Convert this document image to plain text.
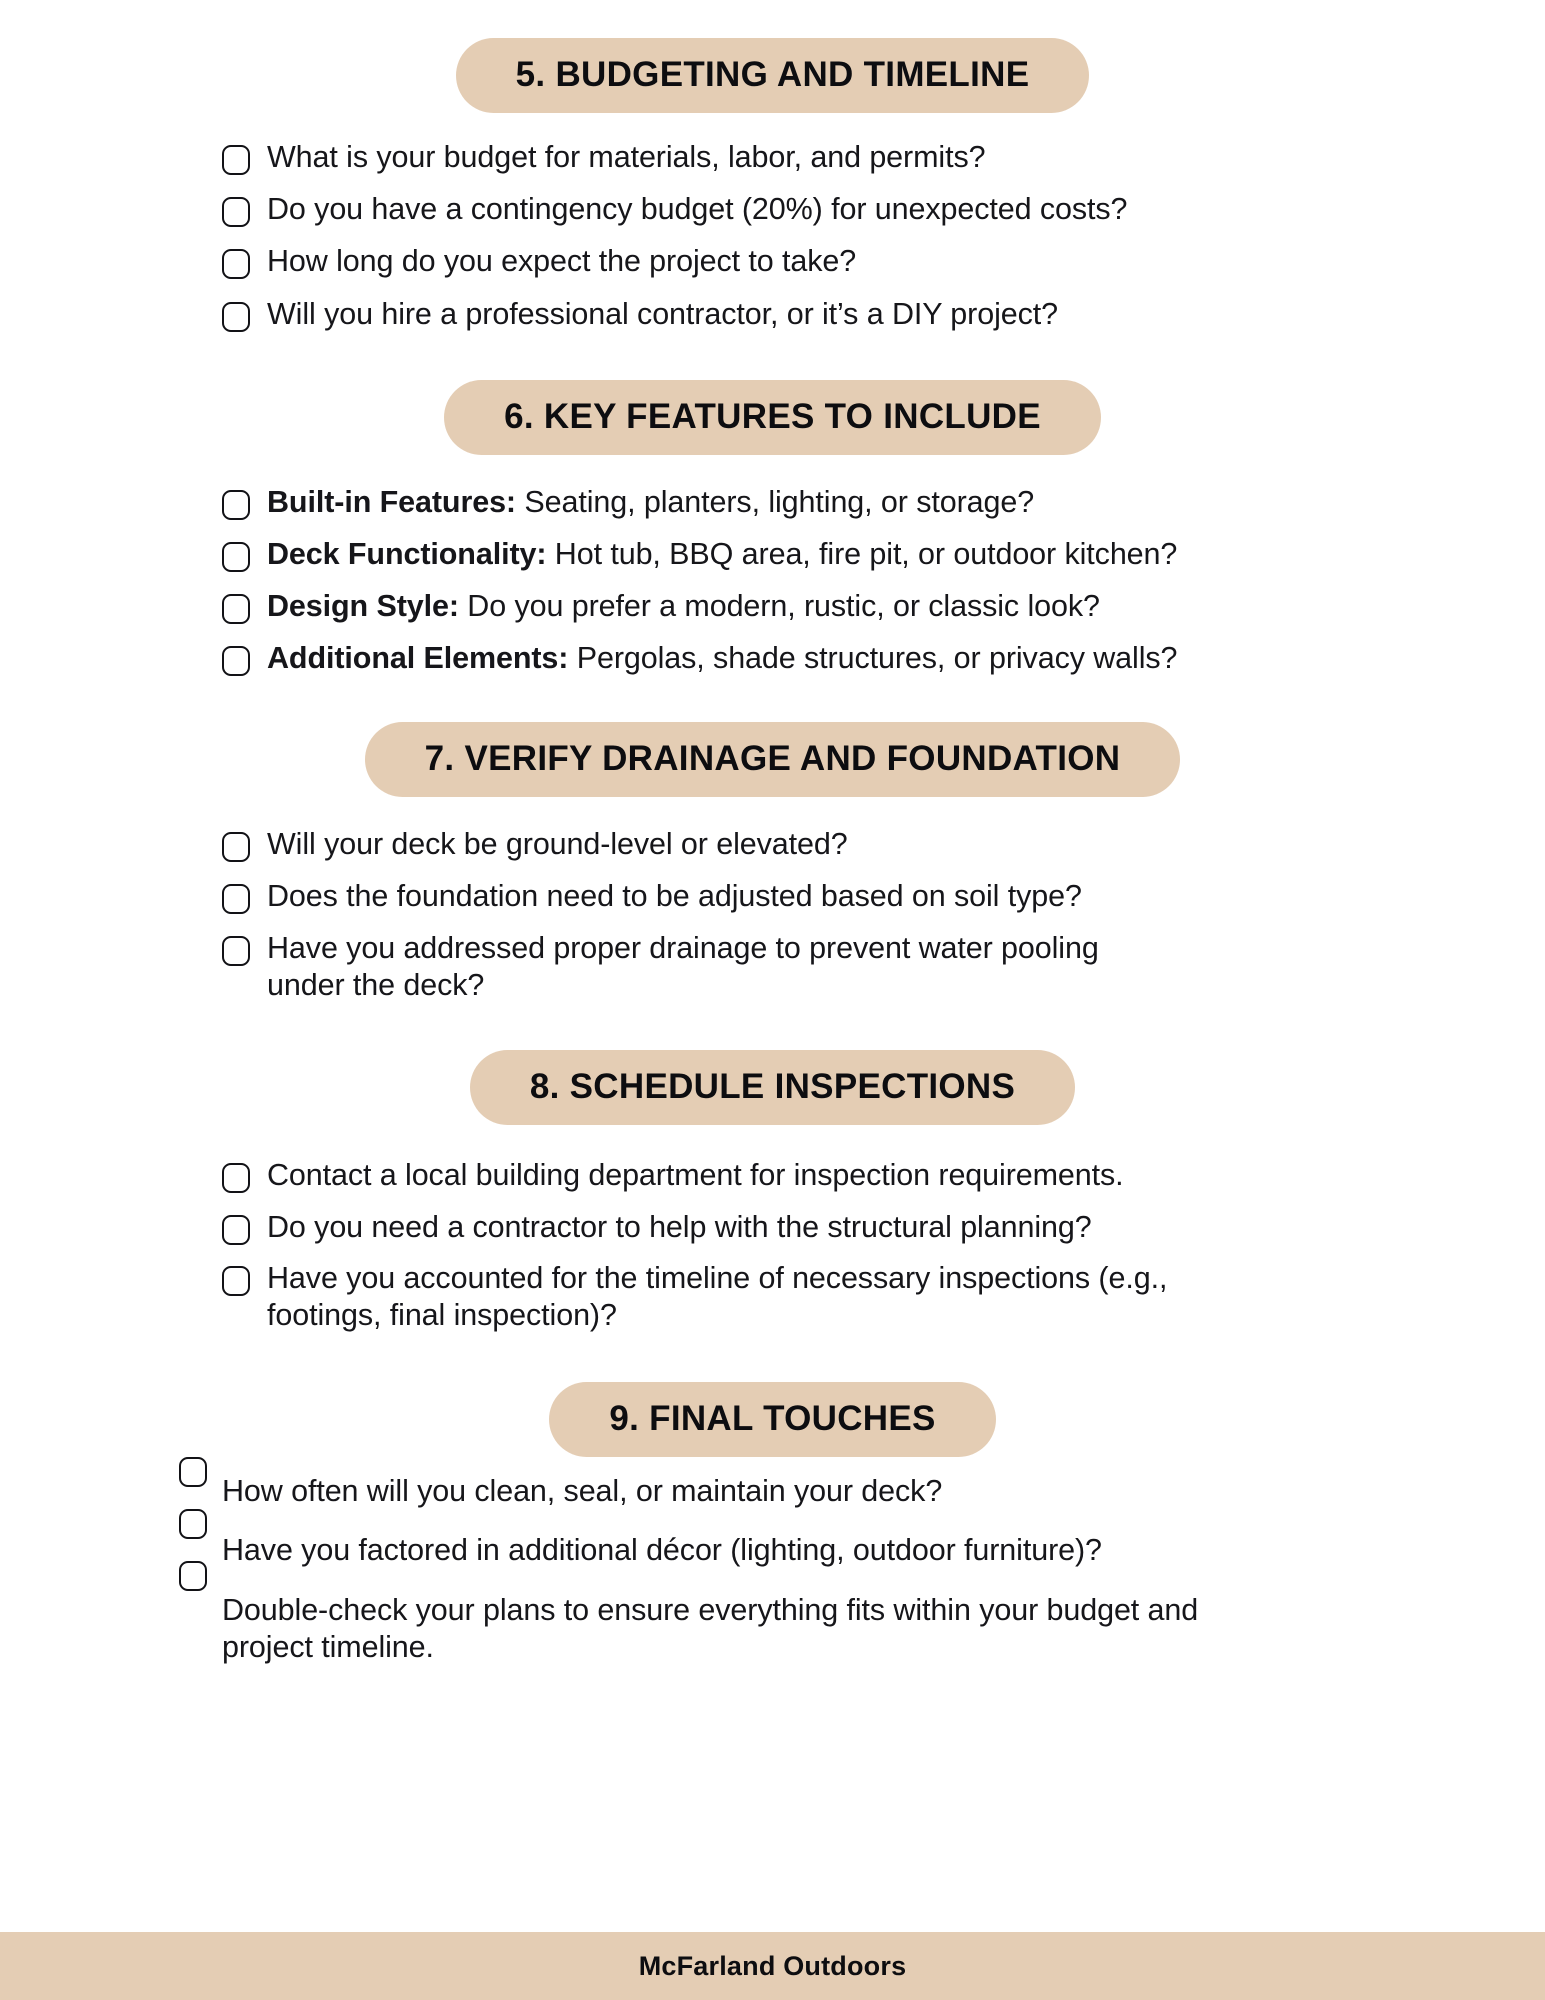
5. BUDGETING AND TIMELINE
What is your budget for materials, labor, and permits?
Do you have a contingency budget (20%) for unexpected costs?
How long do you expect the project to take?
Will you hire a professional contractor, or it’s a DIY project?
6. KEY FEATURES TO INCLUDE
Built-in Features: Seating, planters, lighting, or storage?
Deck Functionality: Hot tub, BBQ area, fire pit, or outdoor kitchen?
Design Style: Do you prefer a modern, rustic, or classic look?
Additional Elements: Pergolas, shade structures, or privacy walls?
7. VERIFY DRAINAGE AND FOUNDATION
Will your deck be ground-level or elevated?
Does the foundation need to be adjusted based on soil type?
Have you addressed proper drainage to prevent water pooling under the deck?
8. SCHEDULE INSPECTIONS
Contact a local building department for inspection requirements.
Do you need a contractor to help with the structural planning?
Have you accounted for the timeline of necessary inspections (e.g., footings, final inspection)?
9. FINAL TOUCHES
How often will you clean, seal, or maintain your deck?
Have you factored in additional décor (lighting, outdoor furniture)?
Double-check your plans to ensure everything fits within your budget and project timeline.
McFarland Outdoors
